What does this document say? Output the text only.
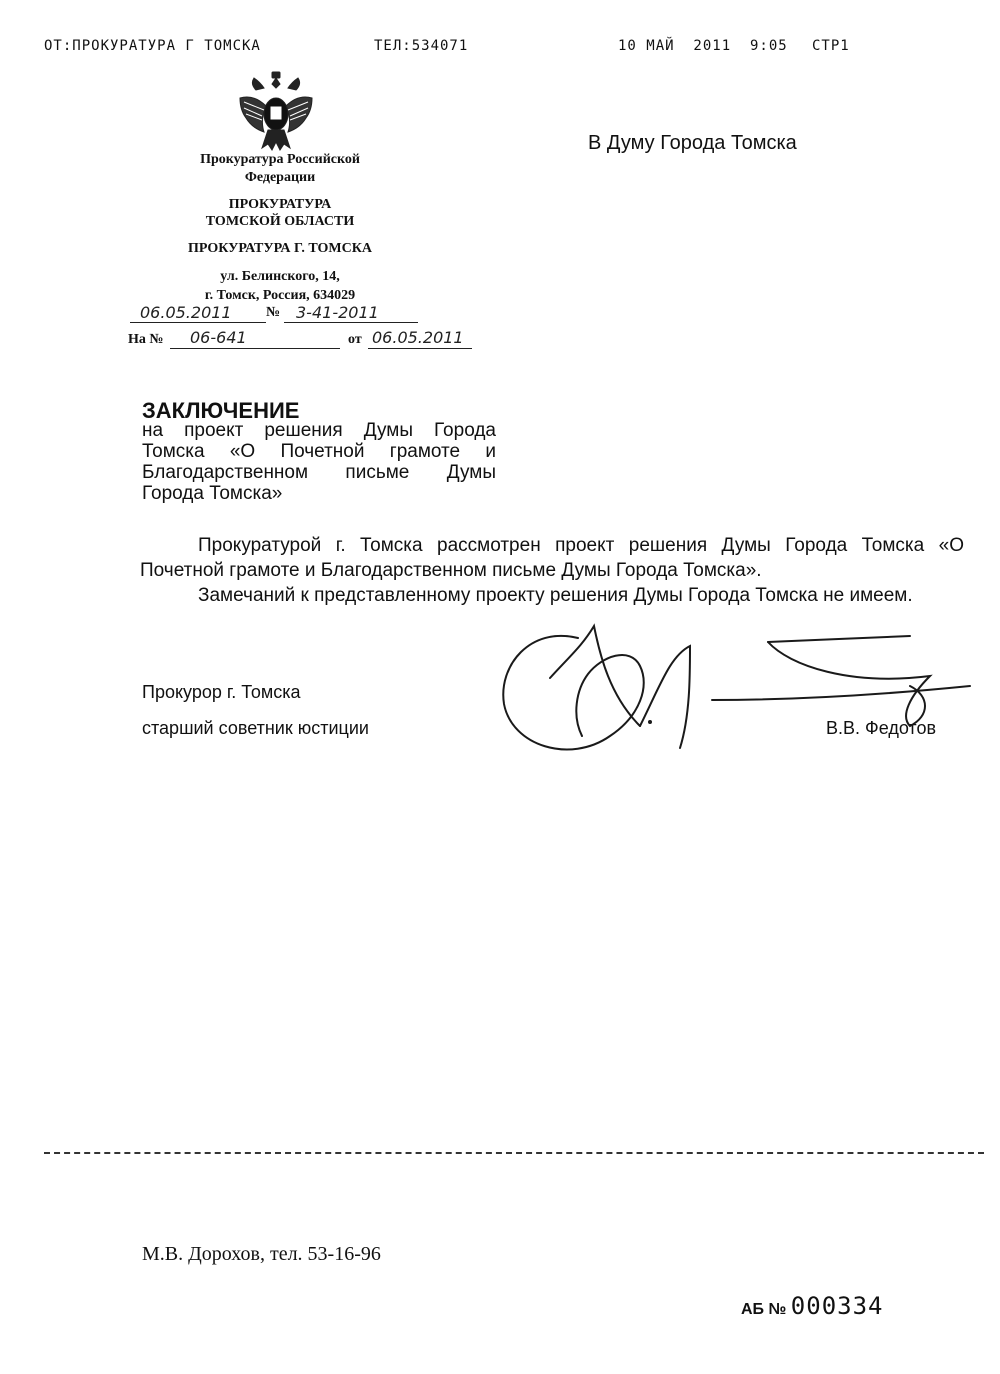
ОТ:ПРОКУРАТУРА Г ТОМСКА	ТЕЛ:534071	10 МАЙ  2011  9:05 СТР1
Прокуратура Российской
Федерации
ПРОКУРАТУРА
ТОМСКОЙ ОБЛАСТИ
ПРОКУРАТУРА Г. ТОМСКА
ул. Белинского, 14,
г. Томск, Россия, 634029
06.05.2011 № 3-41-2011
На № 06-641	от 06.05.2011
В Думу Города Томска
ЗАКЛЮЧЕНИЕ
на проект решения Думы Города Томска «О Почетной грамоте и Благодарственном письме Думы Города Томска»
Прокуратурой г. Томска рассмотрен проект решения Думы Города Томска «О Почетной грамоте и Благодарственном письме Думы Города Томска».
Замечаний к представленному проекту решения Думы Города Томска не имеем.
Прокурор г. Томска
старший советник юстиции	В.В. Федотов
М.В. Дорохов, тел. 53-16-96
АБ № 000334
